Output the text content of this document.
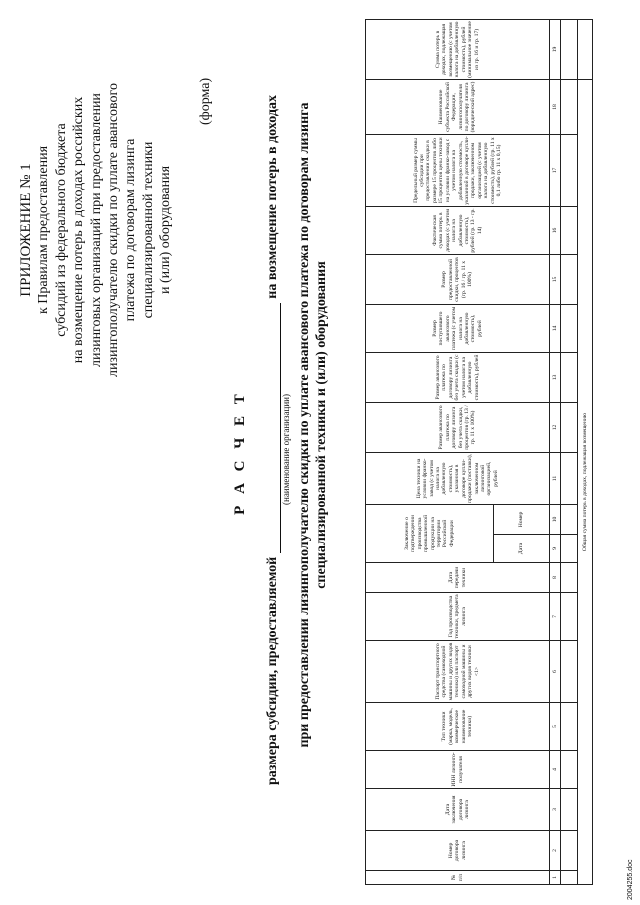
ПРИЛОЖЕНИЕ № 1 к Правилам предоставления субсидий из федерального бюджета на возмещение потерь в доходах российских лизинговых организаций при предоставлении лизингополучателю скидки по уплате авансового платежа по договорам лизинга специализированной техники и (или) оборудования
(форма)
Р А С Ч Е Т
размера субсидии, предоставляемойна возмещение потерь в доходах
(наименование организации) при предоставлении лизингополучателю скидки по уплате авансового платежа по договорам лизинга специализированной техники и (или) оборудования
№ п/п	Номер договора лизинга	Дата заключения договора лизинга	ИНН лизинго-получателя	Тип техники (марка, модель, коммерческое наименование техники)	Паспорт транспортного средства (самоходной машины и других видов техники) или паспорт самоходной машины и других видов техники <1>	Год производства техники, предмета лизинга	Дата передачи техники	Заключение о подтверждении производства промышленной продукции на территории Российской Федерации		Цена техники на условии франко-завод (с учетом налога на добавленную стоимость), указанная в договоре купли-продажи (поставки), заключенном лизинговой организацией, рублей	Размер авансового платежа по договору лизинга без учета скидки, процентов (гр. 13 / гр. 11 x 100%)	Размер авансового платежа по договору лизинга без учета скидки (с учетом налога на добавленную стоимость), рублей	Размер поступившего авансового платежа (с учетом налога на добавленную стоимость), рублей	Размер предоставленной скидки, процентов (гр. 16 / гр. 11 x 100%)	Фактическая сумма потерь в доходах (с учетом налога на добавленную стоимость), рублей (гр. 13 - гр. 14)	Предельный размер суммы субсидии при предоставлении скидки в размере 15 процентов либо 15 процентов цены техники на условии франко-завод с учетом налога на добавленную стоимость, указанной в договоре купли-продажи, заключенном организацией (с учетом налога на добавленную стоимость), рублей (гр. 11 x 0,1 либо гр. 11 x 0,15)	Наименование субъекта Российской Федерации, лизингополучателя по договору лизинга (юридический адрес)	Сумма потерь в доходах, подлежащая возмещению (с учетом налога на добавленную стоимость), рублей (минимальное значение из гр. 16 и гр. 17)
								Дата	Номер									
1	2	3	4	5	6	7	8	9	10	11	12	13	14	15	16	17	18	19

Общая сумма потерь в доходах, подлежащая возмещению																		
2004255.doc
